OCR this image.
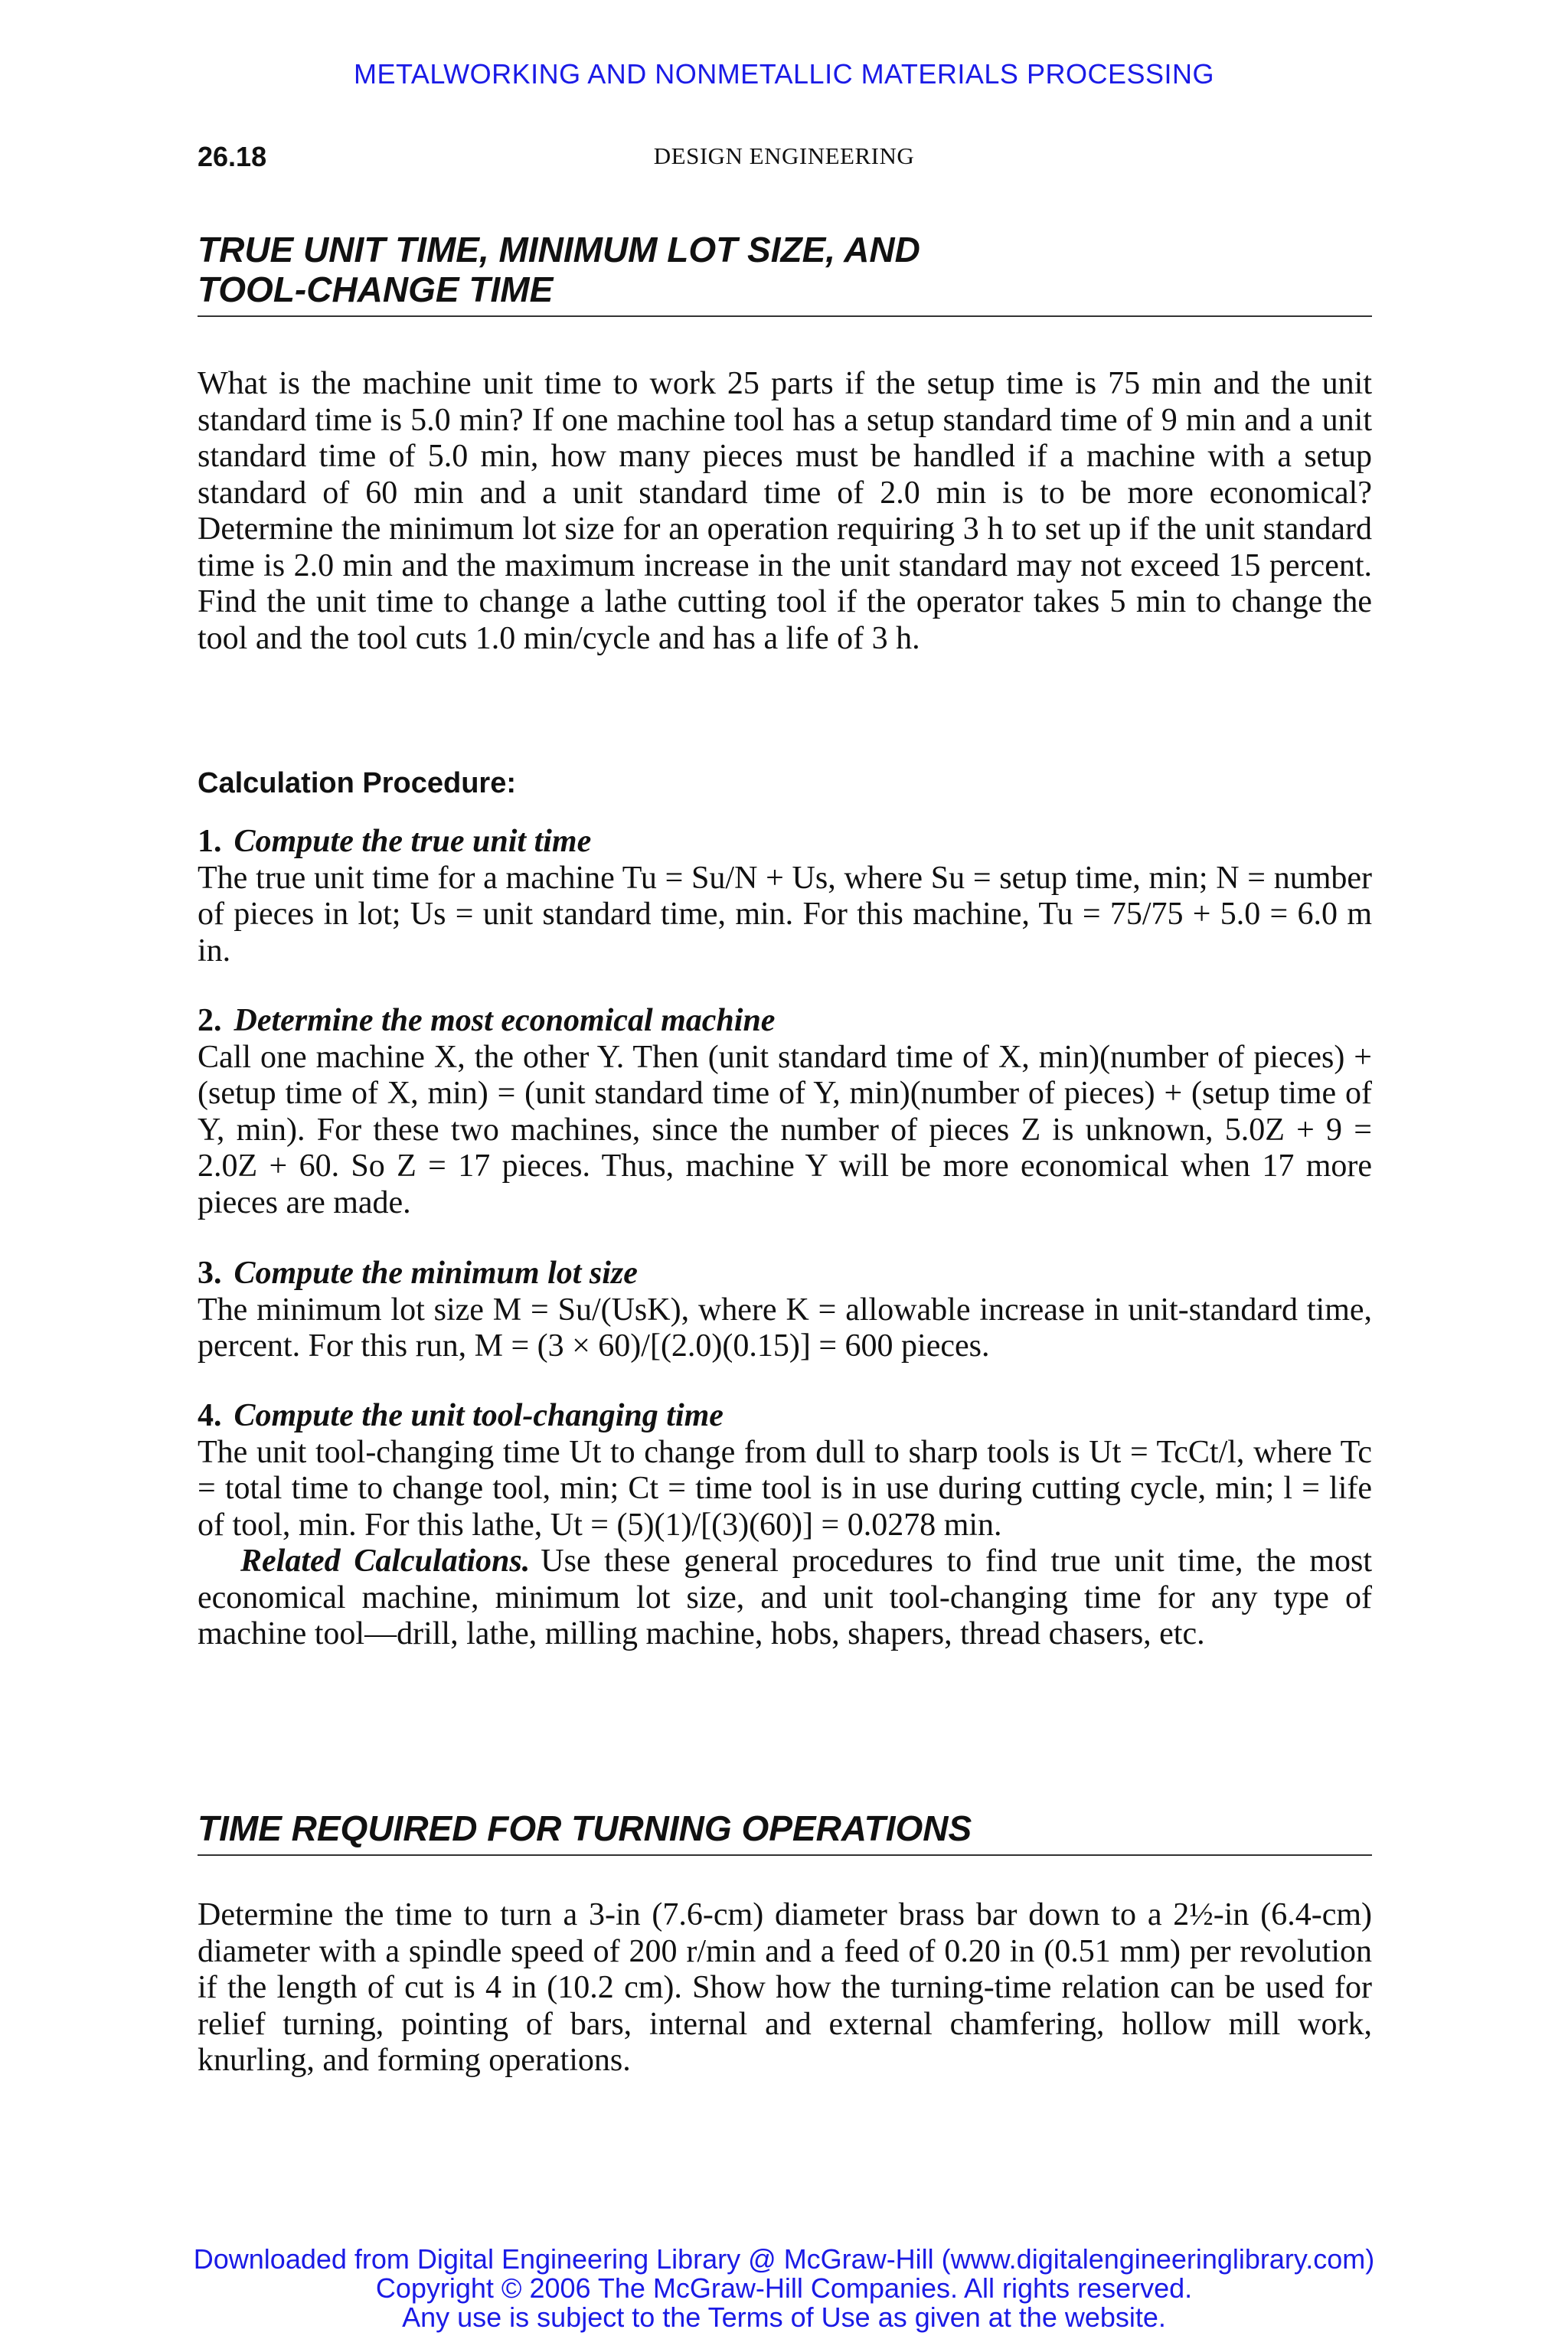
METALWORKING AND NONMETALLIC MATERIALS PROCESSING
26.18	DESIGN ENGINEERING
TRUE UNIT TIME, MINIMUM LOT SIZE, AND
TOOL-CHANGE TIME
What is the machine unit time to work 25 parts if the setup time is 75 min and the unit standard time is 5.0 min? If one machine tool has a setup standard time of 9 min and a unit standard time of 5.0 min, how many pieces must be handled if a machine with a setup standard of 60 min and a unit standard time of 2.0 min is to be more economical? Determine the minimum lot size for an operation requiring 3 h to set up if the unit standard time is 2.0 min and the maximum increase in the unit standard may not exceed 15 percent. Find the unit time to change a lathe cutting tool if the operator takes 5 min to change the tool and the tool cuts 1.0 min/cycle and has a life of 3 h.
Calculation Procedure:
1. Compute the true unit time
The true unit time for a machine Tu = Su/N + Us, where Su = setup time, min; N = number of pieces in lot; Us = unit standard time, min. For this machine, Tu = 75/75 + 5.0 = 6.0 m in.
2. Determine the most economical machine
Call one machine X, the other Y. Then (unit standard time of X, min)(number of pieces) + (setup time of X, min) = (unit standard time of Y, min)(number of pieces) + (setup time of Y, min). For these two machines, since the number of pieces Z is unknown, 5.0Z + 9 = 2.0Z + 60. So Z = 17 pieces. Thus, machine Y will be more economical when 17 more pieces are made.
3. Compute the minimum lot size
The minimum lot size M = Su/(UsK), where K = allowable increase in unit-standard time, percent. For this run, M = (3 × 60)/[(2.0)(0.15)] = 600 pieces.
4. Compute the unit tool-changing time
The unit tool-changing time Ut to change from dull to sharp tools is Ut = TcCt/l, where Tc = total time to change tool, min; Ct = time tool is in use during cutting cycle, min; l = life of tool, min. For this lathe, Ut = (5)(1)/[(3)(60)] = 0.0278 min.
Related Calculations. Use these general procedures to find true unit time, the most economical machine, minimum lot size, and unit tool-changing time for any type of machine tool—drill, lathe, milling machine, hobs, shapers, thread chasers, etc.
TIME REQUIRED FOR TURNING OPERATIONS
Determine the time to turn a 3-in (7.6-cm) diameter brass bar down to a 2½-in (6.4-cm) diameter with a spindle speed of 200 r/min and a feed of 0.20 in (0.51 mm) per revolution if the length of cut is 4 in (10.2 cm). Show how the turning-time relation can be used for relief turning, pointing of bars, internal and external chamfering, hollow mill work, knurling, and forming operations.
Downloaded from Digital Engineering Library @ McGraw-Hill (www.digitalengineeringlibrary.com)
Copyright © 2006 The McGraw-Hill Companies. All rights reserved.
Any use is subject to the Terms of Use as given at the website.
